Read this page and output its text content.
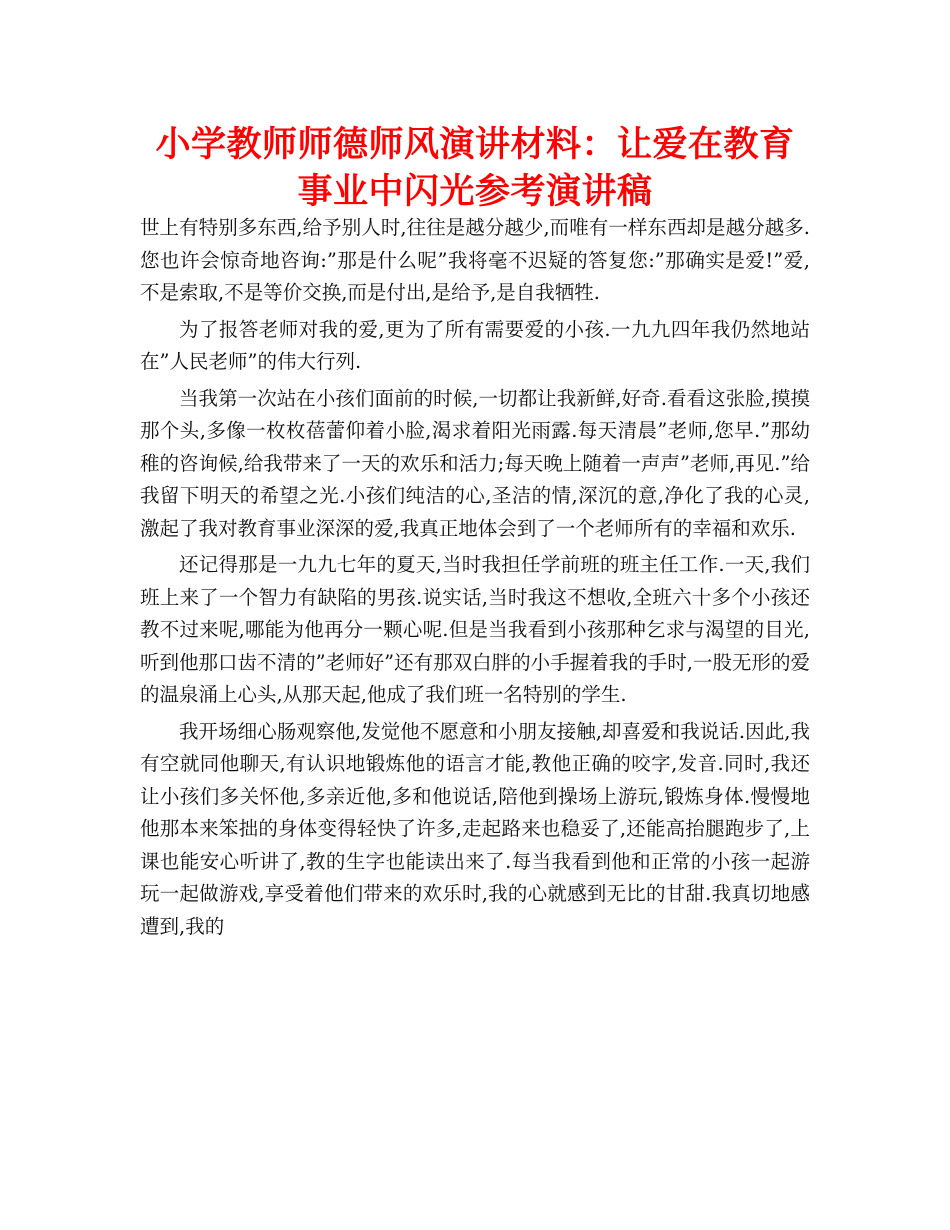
小学教师师德师风演讲材料：让爱在教育事业中闪光参考演讲稿

世上有特别多东西,给予别人时,往往是越分越少,而唯有一样东西却是越分越多.您也许会惊奇地咨询:”那是什么呢”我将毫不迟疑的答复您:”那确实是爱!”爱,不是索取,不是等价交换,而是付出,是给予,是自我牺牲.

为了报答老师对我的爱,更为了所有需要爱的小孩.一九九四年我仍然地站在”人民老师”的伟大行列.

当我第一次站在小孩们面前的时候,一切都让我新鲜,好奇.看看这张脸,摸摸那个头,多像一枚枚蓓蕾仰着小脸,渴求着阳光雨露.每天清晨”老师,您早.”那幼稚的咨询候,给我带来了一天的欢乐和活力;每天晚上随着一声声”老师,再见.”给我留下明天的希望之光.小孩们纯洁的心,圣洁的情,深沉的意,净化了我的心灵,激起了我对教育事业深深的爱,我真正地体会到了一个老师所有的幸福和欢乐.

还记得那是一九九七年的夏天,当时我担任学前班的班主任工作.一天,我们班上来了一个智力有缺陷的男孩.说实话,当时我这不想收,全班六十多个小孩还教不过来呢,哪能为他再分一颗心呢.但是当我看到小孩那种乞求与渴望的目光,听到他那口齿不清的”老师好”还有那双白胖的小手握着我的手时,一股无形的爱的温泉涌上心头,从那天起,他成了我们班一名特别的学生.

我开场细心肠观察他,发觉他不愿意和小朋友接触,却喜爱和我说话.因此,我有空就同他聊天,有认识地锻炼他的语言才能,教他正确的咬字,发音.同时,我还让小孩们多关怀他,多亲近他,多和他说话,陪他到操场上游玩,锻炼身体.慢慢地他那本来笨拙的身体变得轻快了许多,走起路来也稳妥了,还能高抬腿跑步了,上课也能安心听讲了,教的生字也能读出来了.每当我看到他和正常的小孩一起游玩一起做游戏,享受着他们带来的欢乐时,我的心就感到无比的甘甜.我真切地感遭到,我的
